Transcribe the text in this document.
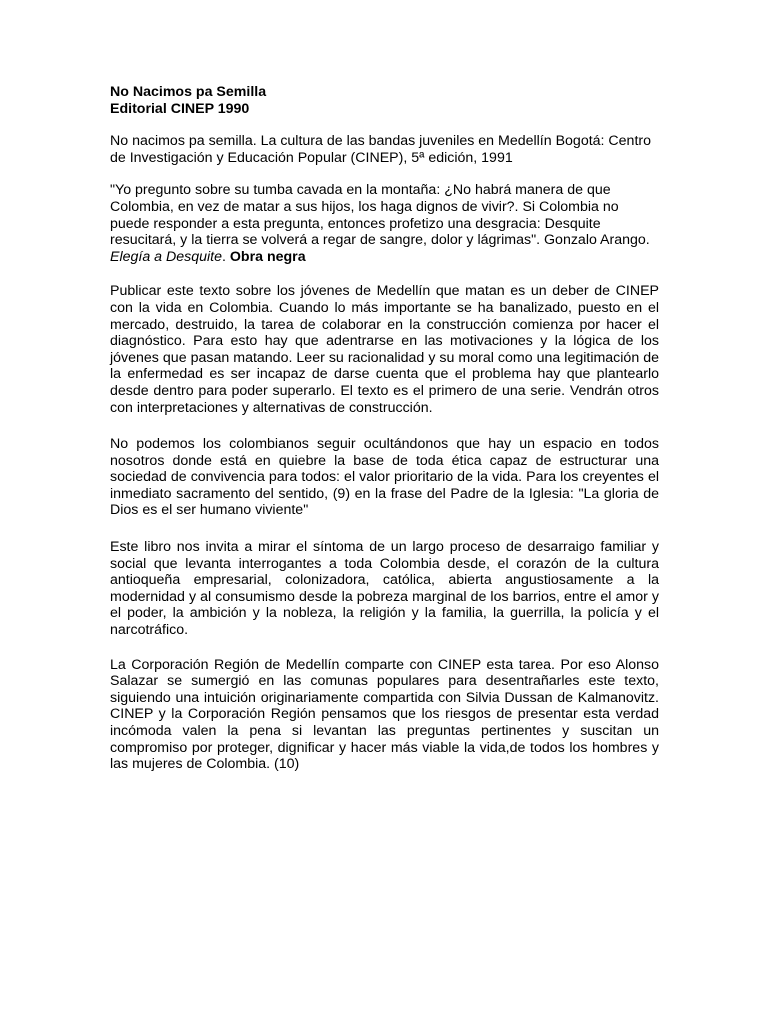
No Nacimos pa Semilla

Editorial CINEP 1990

No nacimos pa semilla. La cultura de las bandas juveniles en Medellín Bogotá: Centro de Investigación y Educación Popular (CINEP), 5ª edición, 1991

"Yo pregunto sobre su tumba cavada en la montaña: ¿No habrá manera de que Colombia, en vez de matar a sus hijos, los haga dignos de vivir?. Si Colombia no puede responder a esta pregunta, entonces profetizo una desgracia: Desquite resucitará, y la tierra se volverá a regar de sangre, dolor y lágrimas". Gonzalo Arango. Elegía a Desquite. Obra negra

Publicar este texto sobre los jóvenes de Medellín que matan es un deber de CINEP con la vida en Colombia. Cuando lo más importante se ha banalizado, puesto en el mercado, destruido, la tarea de colaborar en la construcción comienza por hacer el diagnóstico. Para esto hay que adentrarse en las motivaciones y la lógica de los jóvenes que pasan matando. Leer su racionalidad y su moral como una legitimación de la enfermedad es ser incapaz de darse cuenta que el problema hay que plantearlo desde dentro para poder superarlo. El texto es el primero de una serie. Vendrán otros con interpretaciones y alternativas de construcción.

No podemos los colombianos seguir ocultándonos que hay un espacio en todos nosotros donde está en quiebre la base de toda ética capaz de estructurar una sociedad de convivencia para todos: el valor prioritario de la vida. Para los creyentes el inmediato sacramento del sentido, (9) en la frase del Padre de la Iglesia: "La gloria de Dios es el ser humano viviente"

Este libro nos invita a mirar el síntoma de un largo proceso de desarraigo familiar y social que levanta interrogantes a toda Colombia desde, el corazón de la cultura antioqueña empresarial, colonizadora, católica, abierta angustiosamente a la modernidad y al consumismo desde la pobreza marginal de los barrios, entre el amor y el poder, la ambición y la nobleza, la religión y la familia, la guerrilla, la policía y el narcotráfico.

La Corporación Región de Medellín comparte con CINEP esta tarea. Por eso Alonso Salazar se sumergió en las comunas populares para desentrañarles este texto, siguiendo una intuición originariamente compartida con Silvia Dussan de Kalmanovitz. CINEP y la Corporación Región pensamos que los riesgos de presentar esta verdad incómoda valen la pena si levantan las preguntas pertinentes y suscitan un compromiso por proteger, dignificar y hacer más viable la vida,de todos los hombres y las mujeres de Colombia. (10)
